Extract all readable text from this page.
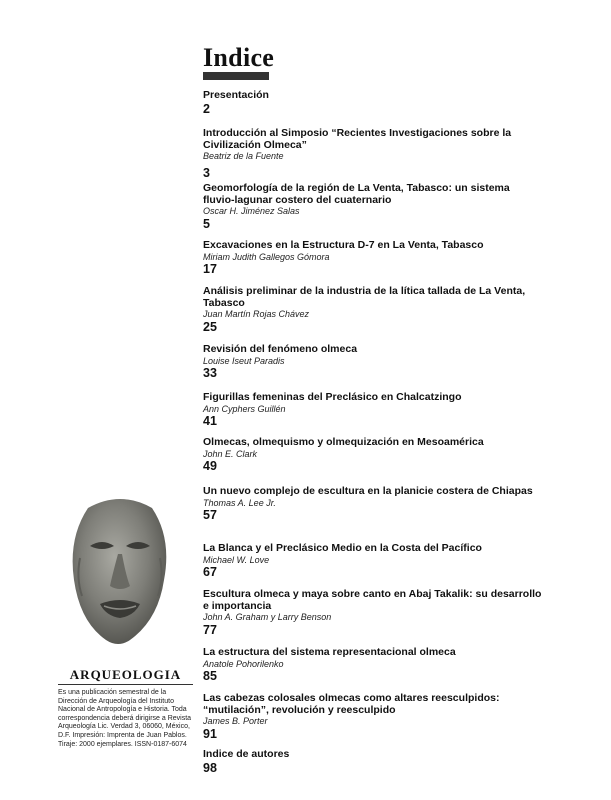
Indice
Presentación
2
Introducción al Simposio “Recientes Investigaciones sobre la Civilización Olmeca”
Beatriz de la Fuente
3
Geomorfología de la región de La Venta, Tabasco: un sistema fluvio-lagunar costero del cuaternario
Oscar H. Jiménez Salas
5
Excavaciones en la Estructura D-7 en La Venta, Tabasco
Miriam Judith Gallegos Gómora
17
Análisis preliminar de la industria de la lítica tallada de La Venta, Tabasco
Juan Martín Rojas Chávez
25
Revisión del fenómeno olmeca
Louise Iseut Paradis
33
Figurillas femeninas del Preclásico en Chalcatzingo
Ann Cyphers Guillén
41
Olmecas, olmequismo y olmequización en Mesoamérica
John E. Clark
49
Un nuevo complejo de escultura en la planicie costera de Chiapas
Thomas A. Lee Jr.
57
La Blanca y el Preclásico Medio en la Costa del Pacífico
Michael W. Love
67
Escultura olmeca y maya sobre canto en Abaj Takalik: su desarrollo e importancia
John A. Graham y Larry Benson
77
La estructura del sistema representacional olmeca
Anatole Pohorilenko
85
Las cabezas colosales olmecas como altares reesculpidos: “mutilación”, revolución y reesculpido
James B. Porter
91
Indice de autores
98
ARQUEOLOGIA
Es una publicación semestral de la Dirección de Arqueología del Instituto Nacional de Antropología e Historia. Toda correspondencia deberá dirigirse a Revista Arqueología Lic. Verdad 3, 06060, México, D.F. Impresión: Imprenta de Juan Pablos. Tiraje: 2000 ejemplares. ISSN-0187-6074
